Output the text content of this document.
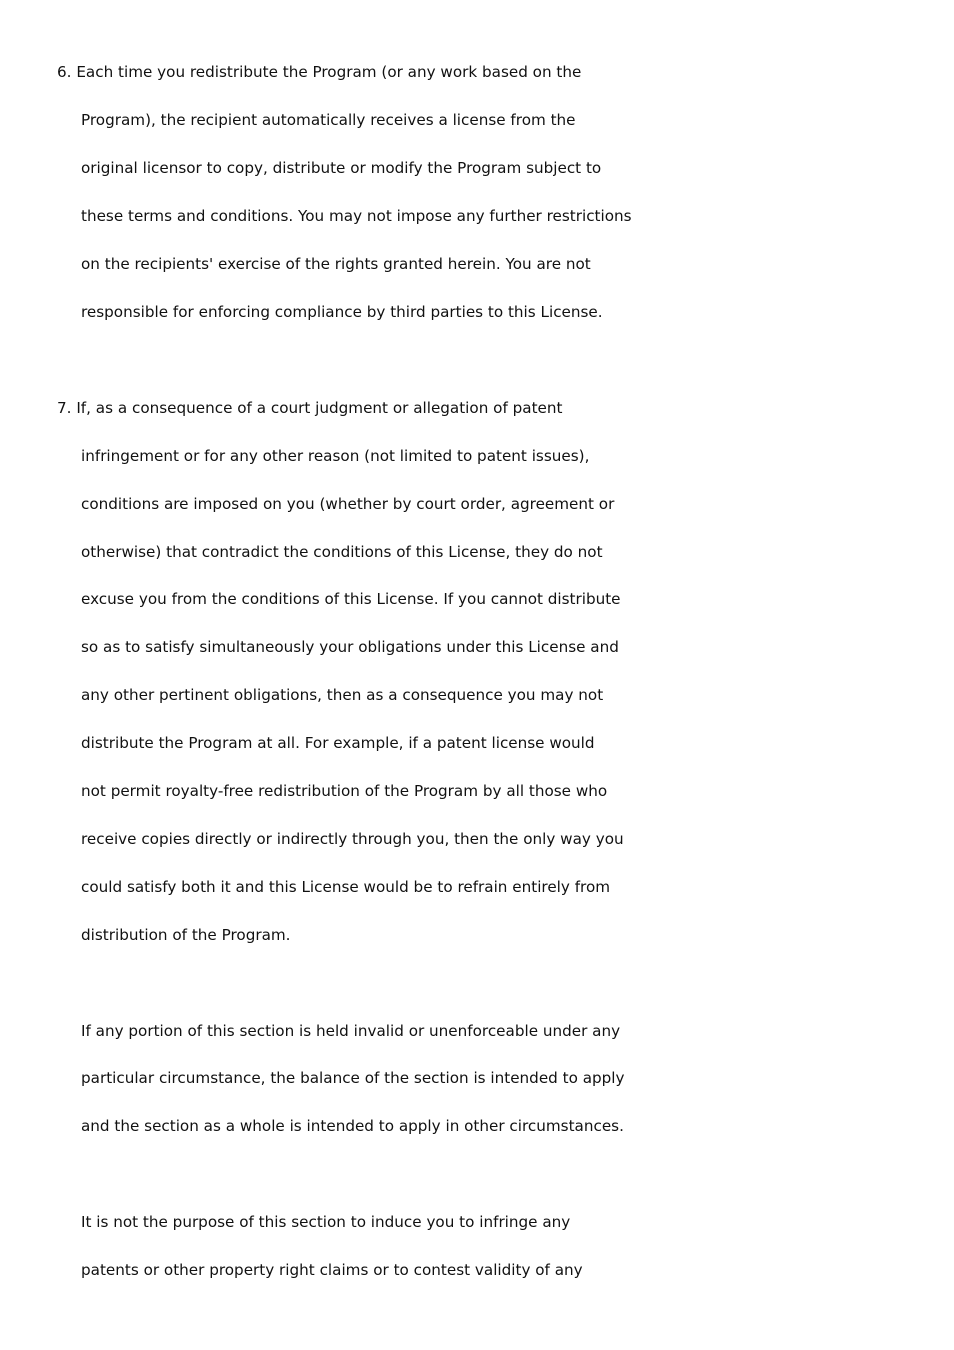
6. Each time you redistribute the Program (or any work based on the
Program), the recipient automatically receives a license from the
original licensor to copy, distribute or modify the Program subject to
these terms and conditions. You may not impose any further restrictions
on the recipients' exercise of the rights granted herein. You are not
responsible for enforcing compliance by third parties to this License.
7. If, as a consequence of a court judgment or allegation of patent
infringement or for any other reason (not limited to patent issues),
conditions are imposed on you (whether by court order, agreement or
otherwise) that contradict the conditions of this License, they do not
excuse you from the conditions of this License. If you cannot distribute
so as to satisfy simultaneously your obligations under this License and
any other pertinent obligations, then as a consequence you may not
distribute the Program at all. For example, if a patent license would
not permit royalty-free redistribution of the Program by all those who
receive copies directly or indirectly through you, then the only way you
could satisfy both it and this License would be to refrain entirely from
distribution of the Program.
If any portion of this section is held invalid or unenforceable under any
particular circumstance, the balance of the section is intended to apply
and the section as a whole is intended to apply in other circumstances.
It is not the purpose of this section to induce you to infringe any
patents or other property right claims or to contest validity of any
